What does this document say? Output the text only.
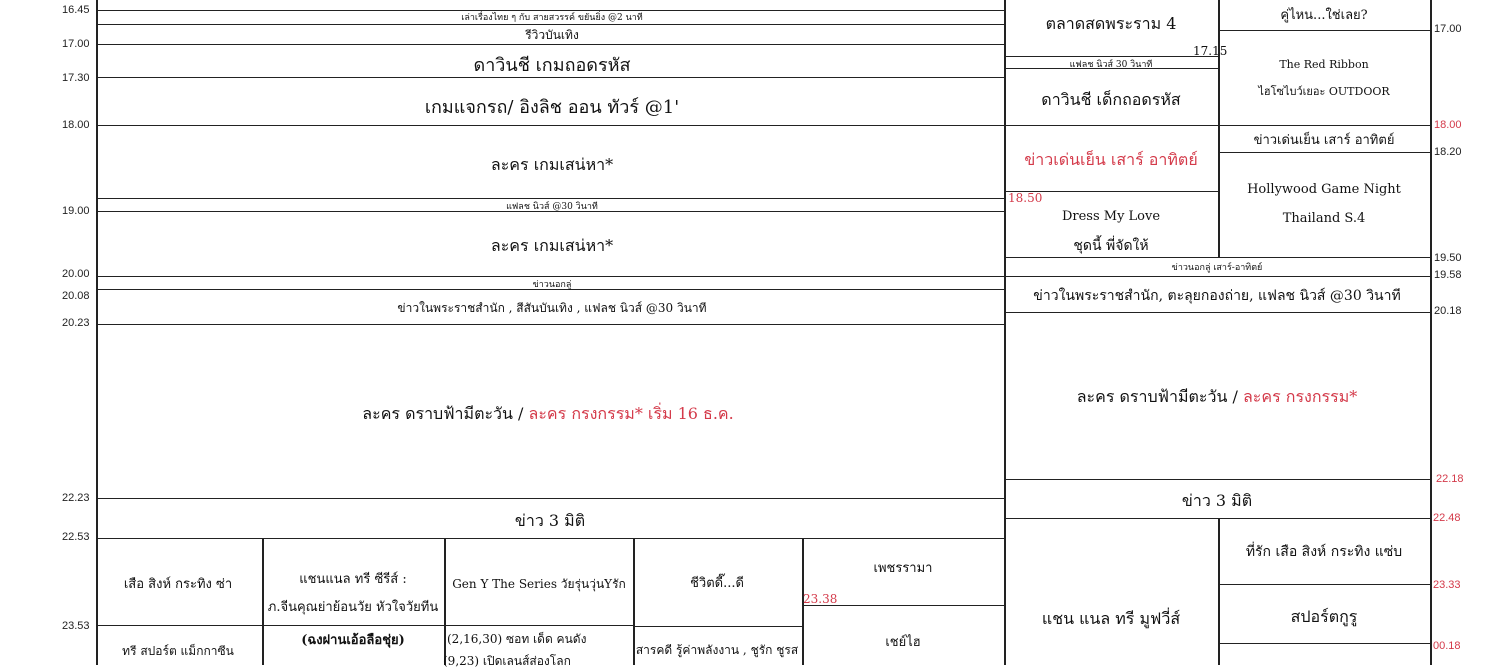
16.45
17.00
17.30
18.00
19.00
20.00
20.08
20.23
22.23
22.53
23.53
17.00
18.00
18.20
19.50
19.58
20.18
22.18
22.48
23.33
00.18
เล่าเรื่องไทย ๆ กับ สายสวรรค์ ขยันยิ่ง @2 นาที
รีวิวบันเทิง
ดาวินชี เกมถอดรหัส
เกมแจกรถ/ อิงลิช ออน ทัวร์ @1'
ละคร เกมเสน่หา*
แฟลช นิวส์ @30 วินาที
ละคร เกมเสน่หา*
ข่าวนอกลู่
ข่าวในพระราชสำนัก , สีสันบันเทิง , แฟลช นิวส์ @30 วินาที
ละคร ดราบฟ้ามีตะวัน / ละคร กรงกรรม* เริ่ม 16 ธ.ค.
ข่าว 3 มิติ
เสือ สิงห์ กระทิง ซ่า
ทรี สปอร์ต แม็กกาซีน
แชนแนล ทรี ซีรีส์ :
ภ.จีนคุณย่าย้อนวัย หัวใจวัยทีน
(ฉงฝานเอ้อลือชุ่ย)
Gen Y The Series วัยรุ่นวุ่นYรัก
(2,16,30) ซอท เด็ด คนดัง
(9,23) เปิดเลนส์ส่องโลก
ชีวิตดี๊...ดี
สารคดี รู้ค่าพลังงาน , ชูรัก ชูรส
เพชรรามา
23.38
เชย์ไฮ
ตลาดสดพระราม 4
17.15
แฟลช นิวส์ 30 วินาที
ดาวินชี เด็กถอดรหัส
ข่าวเด่นเย็น เสาร์ อาทิตย์
18.50
Dress My Love
ชุดนี้ พี่จัดให้
ข่าวนอกลู่ เสาร์-อาทิตย์
ข่าวในพระราชสำนัก, ตะลุยกองถ่าย, แฟลช นิวส์ @30 วินาที
ละคร ดราบฟ้ามีตะวัน / ละคร กรงกรรม*
ข่าว 3 มิติ
แชน แนล ทรี มูฟวี่ส์
คู่ไหน...ใช่เลย?
The Red Ribbon
ไฮโซไบว์เยอะ OUTDOOR
ข่าวเด่นเย็น เสาร์ อาทิตย์
Hollywood Game Night
Thailand S.4
ที่รัก เสือ สิงห์ กระทิง แซ่บ
สปอร์ตกูรู
